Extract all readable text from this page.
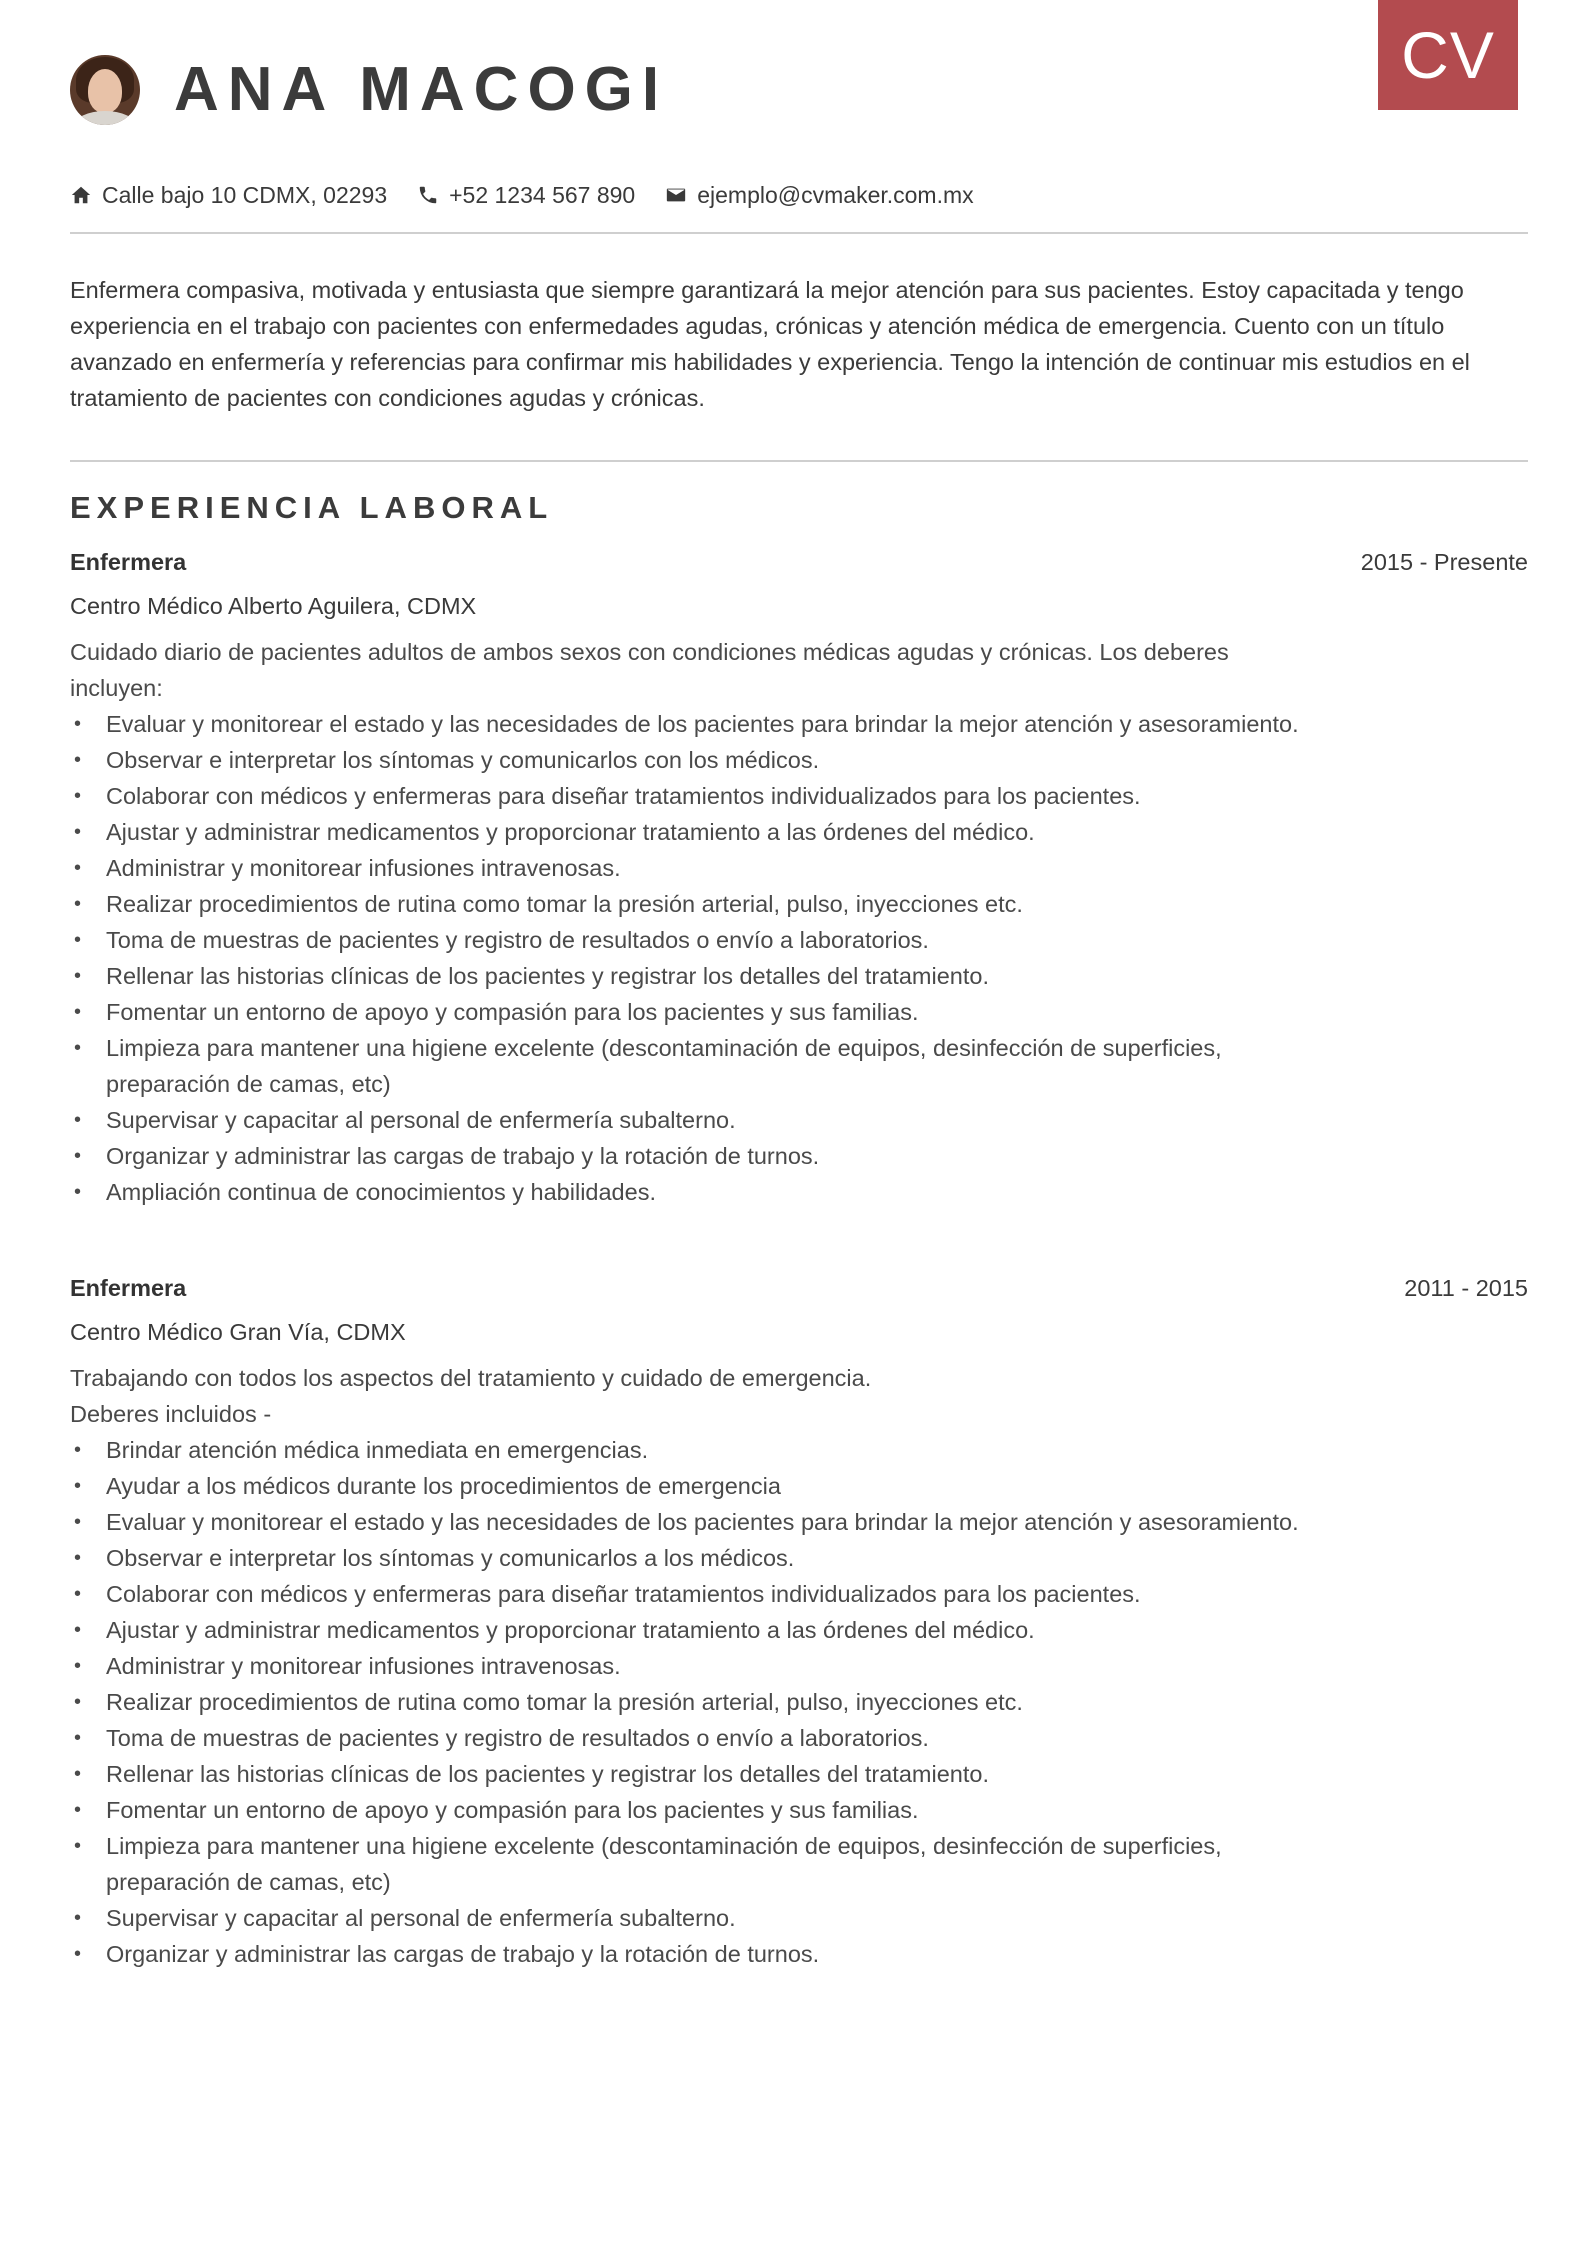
CV
ANA MACOGI
Calle bajo 10 CDMX, 02293	+52 1234 567 890	ejemplo@cvmaker.com.mx

Enfermera compasiva, motivada y entusiasta que siempre garantizará la mejor atención para sus pacientes. Estoy capacitada y tengo experiencia en el trabajo con pacientes con enfermedades agudas, crónicas y atención médica de emergencia. Cuento con un título avanzado en enfermería y referencias para confirmar mis habilidades y experiencia. Tengo la intención de continuar mis estudios en el tratamiento de pacientes con condiciones agudas y crónicas.

EXPERIENCIA LABORAL
Enfermera	2015 - Presente
Centro Médico Alberto Aguilera, CDMX

Cuidado diario de pacientes adultos de ambos sexos con condiciones médicas agudas y crónicas. Los deberes incluyen:

• Evaluar y monitorear el estado y las necesidades de los pacientes para brindar la mejor atención y asesoramiento.
• Observar e interpretar los síntomas y comunicarlos con los médicos.
• Colaborar con médicos y enfermeras para diseñar tratamientos individualizados para los pacientes.
• Ajustar y administrar medicamentos y proporcionar tratamiento a las órdenes del médico.
• Administrar y monitorear infusiones intravenosas.
• Realizar procedimientos de rutina como tomar la presión arterial, pulso, inyecciones etc.
• Toma de muestras de pacientes y registro de resultados o envío a laboratorios.
• Rellenar las historias clínicas de los pacientes y registrar los detalles del tratamiento.
• Fomentar un entorno de apoyo y compasión para los pacientes y sus familias.
• Limpieza para mantener una higiene excelente (descontaminación de equipos, desinfección de superficies, preparación de camas, etc)
• Supervisar y capacitar al personal de enfermería subalterno.
• Organizar y administrar las cargas de trabajo y la rotación de turnos.
• Ampliación continua de conocimientos y habilidades.
Enfermera	2011 - 2015
Centro Médico Gran Vía, CDMX

Trabajando con todos los aspectos del tratamiento y cuidado de emergencia.

Deberes incluidos -

• Brindar atención médica inmediata en emergencias.
• Ayudar a los médicos durante los procedimientos de emergencia
• Evaluar y monitorear el estado y las necesidades de los pacientes para brindar la mejor atención y asesoramiento.
• Observar e interpretar los síntomas y comunicarlos a los médicos.
• Colaborar con médicos y enfermeras para diseñar tratamientos individualizados para los pacientes.
• Ajustar y administrar medicamentos y proporcionar tratamiento a las órdenes del médico.
• Administrar y monitorear infusiones intravenosas.
• Realizar procedimientos de rutina como tomar la presión arterial, pulso, inyecciones etc.
• Toma de muestras de pacientes y registro de resultados o envío a laboratorios.
• Rellenar las historias clínicas de los pacientes y registrar los detalles del tratamiento.
• Fomentar un entorno de apoyo y compasión para los pacientes y sus familias.
• Limpieza para mantener una higiene excelente (descontaminación de equipos, desinfección de superficies, preparación de camas, etc)
• Supervisar y capacitar al personal de enfermería subalterno.
• Organizar y administrar las cargas de trabajo y la rotación de turnos.
